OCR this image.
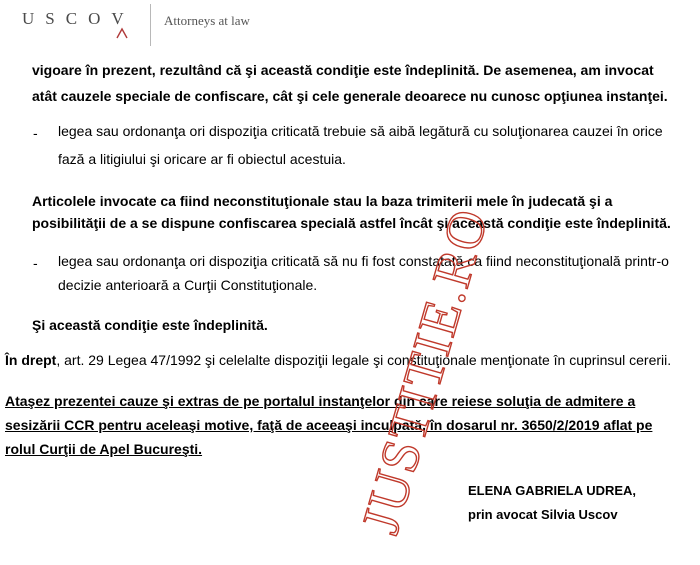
USCOV Attorneys at law
vigoare în prezent, rezultând că şi această condiţie este îndeplinită. De asemenea, am invocat
atât cauzele speciale de confiscare, cât şi cele generale deoarece nu cunosc opţiunea instanţei.
- legea sau ordonanţa ori dispoziţia criticată trebuie să aibă legătură cu soluţionarea cauzei în orice
fază a litigiului şi oricare ar fi obiectul acestuia.
Articolele invocate ca fiind neconstituţionale stau la baza trimiterii mele în judecată şi a
posibilităţii de a se dispune confiscarea specială astfel încât şi această condiţie este îndeplinită.
- legea sau ordonanţa ori dispoziţia criticată să nu fi fost constatată ca fiind neconstituţională printr-o
decizie anterioară a Curţii Constituţionale.
Şi această condiţie este îndeplinită.
În drept, art. 29 Legea 47/1992 şi celelalte dispoziţii legale şi constituţionale menţionate în cuprinsul cererii.
Ataşez prezentei cauze şi extras de pe portalul instanţelor din care reiese soluţia de admitere a
sesizării CCR pentru aceleaşi motive, faţă de aceeaşi inculpată, în dosarul nr. 3650/2/2019 aflat pe
rolul Curţii de Apel Bucureşti.
ELENA GABRIELA UDREA,
prin avocat Silvia Uscov
JUSTITIE.RO
